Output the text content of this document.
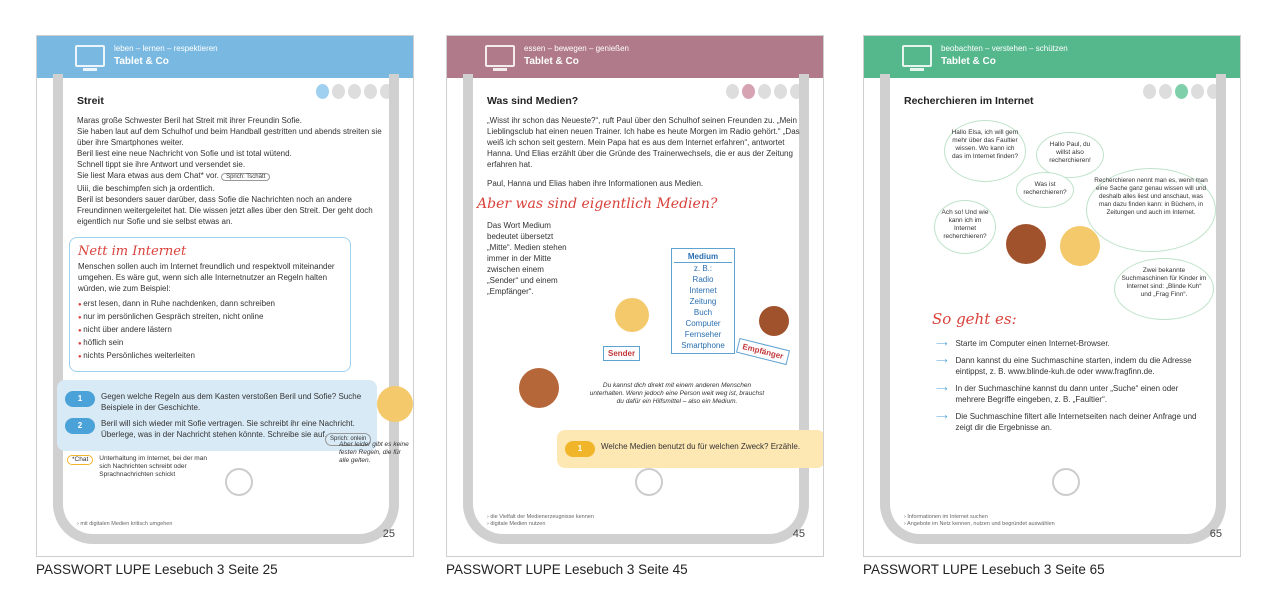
leben – lernen – respektieren
Tablet & Co
Streit

Maras große Schwester Beril hat Streit mit ihrer Freundin Sofie.

Sie haben laut auf dem Schulhof und beim Handball gestritten und abends streiten sie über ihre Smartphones weiter.

Beril liest eine neue Nachricht von Sofie und ist total wütend.

Schnell tippt sie ihre Antwort und versendet sie.

Sie liest Mara etwas aus dem Chat* vor. Sprich: Tschätt

Uiii, die beschimpfen sich ja ordentlich.

Beril ist besonders sauer darüber, dass Sofie die Nachrichten noch an andere Freundinnen weitergeleitet hat. Die wissen jetzt alles über den Streit. Der geht doch eigentlich nur Sofie und sie selbst etwas an.

Nett im Internet

Menschen sollen auch im Internet freundlich und respektvoll miteinander umgehen. Es wäre gut, wenn sich alle Internetnutzer an Regeln halten würden, wie zum Beispiel:

● erst lesen, dann in Ruhe nachdenken, dann schreiben
● nur im persönlichen Gespräch streiten, nicht online
● nicht über andere lästern
● höflich sein
● nichts Persönliches weiterleiten
Sprich: onlein
Aber leider gibt es keine festen Regeln, die für alle gelten.
1	Gegen welche Regeln aus dem Kasten verstoßen Beril und Sofie? Suche Beispiele in der Geschichte.
2	Beril will sich wieder mit Sofie vertragen. Sie schreibt ihr eine Nachricht. Überlege, was in der Nachricht stehen könnte. Schreibe sie auf.
*Chat	Unterhaltung im Internet, bei der man sich Nachrichten schreibt oder Sprachnachrichten schickt
› mit digitalen Medien kritisch umgehen
25
PASSWORT LUPE Lesebuch 3 Seite 25
essen – bewegen – genießen
Tablet & Co
Was sind Medien?

„Wisst ihr schon das Neueste?“, ruft Paul über den Schulhof seinen Freunden zu. „Mein Lieblingsclub hat einen neuen Trainer. Ich habe es heute Morgen im Radio gehört.“ „Das weiß ich schon seit gestern. Mein Papa hat es aus dem Internet erfahren“, antwortet Hanna. Und Elias erzählt über die Gründe des Trainerwechsels, die er aus der Zeitung erfahren hat.

Paul, Hanna und Elias haben ihre Informationen aus Medien.

Aber was sind eigentlich Medien?

Das Wort Medium bedeutet übersetzt „Mitte“. Medien stehen immer in der Mitte zwischen einem „Sender“ und einem „Empfänger“.

Medium
z. B.:
Radio
Internet
Zeitung
Buch
Computer
Fernseher
Smartphone
Sender	Empfänger
Du kannst dich direkt mit einem anderen Menschen unterhalten. Wenn jedoch eine Person weit weg ist, brauchst du dafür ein Hilfsmittel – also ein Medium.
1	Welche Medien benutzt du für welchen Zweck? Erzähle.
› die Vielfalt der Medienerzeugnisse kennen
› digitale Medien nutzen
45
PASSWORT LUPE Lesebuch 3 Seite 45
beobachten – verstehen – schützen
Tablet & Co
Recherchieren im Internet
Hallo Elsa, ich will gern mehr über das Faultier wissen. Wo kann ich das im Internet finden?
Hallo Paul, du willst also recherchieren!
Was ist recherchieren?
Recherchieren nennt man es, wenn man eine Sache ganz genau wissen will und deshalb alles liest und anschaut, was man dazu finden kann: in Büchern, in Zeitungen und auch im Internet.
Ach so! Und wie kann ich im Internet recherchieren?
Zwei bekannte Suchmaschinen für Kinder im Internet sind: „Blinde Kuh“ und „Frag Finn“.
So geht es:
⟶ Starte im Computer einen Internet-Browser.
⟶ Dann kannst du eine Suchmaschine starten, indem du die Adresse eintippst, z. B. www.blinde-kuh.de oder www.fragfinn.de.
⟶ In der Suchmaschine kannst du dann unter „Suche“ einen oder mehrere Begriffe eingeben, z. B. „Faultier“.
⟶ Die Suchmaschine filtert alle Internetseiten nach deiner Anfrage und zeigt dir die Ergebnisse an.
› Informationen im Internet suchen
› Angebote im Netz kennen, nutzen und begründet auswählen
65
PASSWORT LUPE Lesebuch 3 Seite 65
